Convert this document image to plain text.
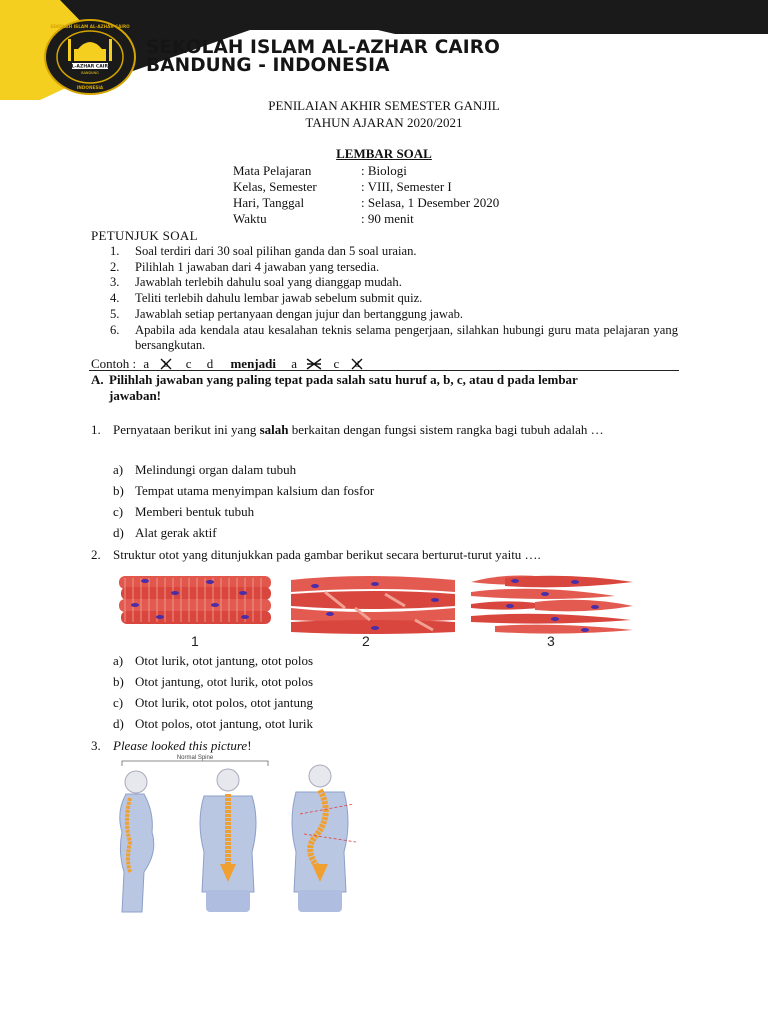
AL-AZHAR CAIRO
BANDUNG
INDONESIA
SEKOLAH ISLAM AL-AZHAR CAIRO
SEKOLAH ISLAM AL-AZHAR CAIRO
BANDUNG - INDONESIA
PENILAIAN AKHIR SEMESTER GANJIL
TAHUN AJARAN 2020/2021
LEMBAR SOAL
Mata Pelajaran	: Biologi
Kelas, Semester	: VIII, Semester I
Hari, Tanggal	: Selasa, 1 Desember 2020
Waktu	: 90 menit
PETUNJUK SOAL
1.	Soal terdiri dari 30 soal pilihan ganda dan 5 soal uraian.
2.	Pilihlah 1 jawaban dari 4 jawaban yang tersedia.
3.	Jawablah terlebih dahulu soal yang dianggap mudah.
4.	Teliti terlebih dahulu lembar jawab sebelum submit quiz.
5.	Jawablah setiap pertanyaan dengan jujur dan bertanggung jawab.
6.	Apabila ada kendala atau kesalahan teknis selama pengerjaan, silahkan hubungi guru mata pelajaran yang bersangkutan.
Contoh : a b c d menjadi a	c d
A. Pilihlah jawaban yang paling tepat pada salah satu huruf a, b, c, atau d pada lembar
jawaban!
1. Pernyataan berikut ini yang salah berkaitan dengan fungsi sistem rangka bagi tubuh adalah …
a) Melindungi organ dalam tubuh
b) Tempat utama menyimpan kalsium dan fosfor
c) Memberi bentuk tubuh
d) Alat gerak aktif
2. Struktur otot yang ditunjukkan pada gambar berikut secara berturut-turut yaitu ….
1	2	3
a) Otot lurik, otot jantung, otot polos
b) Otot jantung, otot lurik, otot polos
c) Otot lurik, otot polos, otot jantung
d) Otot polos, otot jantung, otot lurik
3. Please looked this picture!
Normal Spine
